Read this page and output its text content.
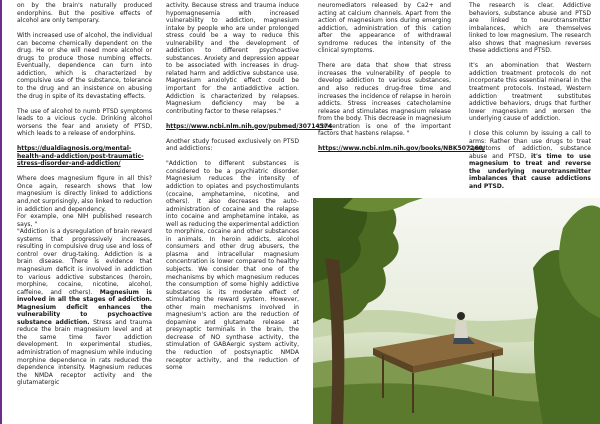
on by the brain's naturally produced endorphins. But the positive effects of alcohol are only temporary.

With increased use of alcohol, the individual can become chemically dependent on the drug. He or she will need more alcohol or drugs to produce those numbing effects. Eventually, dependence can turn into addiction, which is characterized by compulsive use of the substance, tolerance to the drug and an insistence on abusing the drug in spite of its devastating effects.

The use of alcohol to numb PTSD symptoms leads to a vicious cycle. Drinking alcohol worsens the fear and anxiety of PTSD, which leads to a release of endorphins.

https://dualdiagnosis.org/mental-health-and-addiction/post-traumatic-stress-disorder-and-addiction/

Where does magnesium figure in all this? Once again, research shows that low magnesium is directly linked to addictions and,not surprisingly, also linked to reduction in addiction and dependency.

For example, one NIH published research says, "

"Addiction is a dysregulation of brain reward systems that progressively increases, resulting in compulsive drug use and loss of control over drug-taking. Addiction is a brain disease. There is evidence that magnesium deficit is involved in addiction to various addictive substances (heroin, morphine, cocaine, nicotine, alcohol, caffeine, and others). Magnesium is involved in all the stages of addiction. Magnesium deficit enhances the vulnerability to psychoactive substance addiction. Stress and trauma reduce the brain magnesium level and at the same time favor addiction development. In experimental studies, administration of magnesium while inducing morphine dependence in rats reduced the dependence intensity. Magnesium reduces the NMDA receptor activity and the glutamatergic

activity. Because stress and trauma induce hypomagnesemia with increased vulnerability to addiction, magnesium intake by people who are under prolonged stress could be a way to reduce this vulnerability and the development of addiction to different psychoactive substances. Anxiety and depression appear to be associated with increases in drug-related harm and addictive substance use. Magnesium anxiolytic effect could be important for the antiaddictive action. Addiction is characterized by relapses. Magnesium deficiency may be a contributing factor to these relapses."

https://www.ncbi.nlm.nih.gov/pubmed/30714574

Another study focused exclusively on PTSD and addictions:

"Addiction to different substances is considered to be a psychiatric disorder. Magnesium reduces the intensity of addiction to opiates and psychostimulants (cocaine, amphetamine, nicotine, and others). It also decreases the auto-administration of cocaine and the relapse into cocaine and amphetamine intake, as well as reducing the experimental addiction to morphine, cocaine and other substances in animals. In heroin addicts, alcohol consumers and other drug abusers, the plasma and intracellular magnesium concentration is lower compared to healthy subjects. We consider that one of the mechanisms by which magnesium reduces the consumption of some highly addictive substances is its moderate effect of stimulating the reward system. However, other main mechanisms involved in magnesium's action are the reduction of dopamine and glutamate release at presynaptic terminals in the brain, the decrease of NO synthase activity, the stimulation of GABAergic system activity, the reduction of postsynaptic NMDA receptor activity, and the reduction of some

neuromediators released by Ca2+ and acting at calcium channels. Apart from the action of magnesium ions during emerging addiction, administration of this cation after the appearance of withdrawal syndrome reduces the intensity of the clinical symptoms.

There are data that show that stress increases the vulnerability of people to develop addiction to various substances, and also reduces drug-free time and increases the incidence of relapse in heroin addicts. Stress increases catecholamine release and stimulates magnesium release from the body. This decrease in magnesium concentration is one of the important factors that hastens relapse. "

https://www.ncbi.nlm.nih.gov/books/NBK507260/

The research is clear. Addictive behaviors, substance abuse and PTSD are linked to neurotransmitter imbalances, which are themselves linked to low magnesium. The research also shows that magnesium reverses these addictions and PTSD.

It's an abomination that Western addiction treatment protocols do not incorporate this essential mineral in the treatment protocols. Instead, Western addiction treatment substitutes addictive behaviors, drugs that further lower magnesium and worsen the underlying cause of addiction.

I close this column by issuing a call to arms: Rather than use drugs to treat symptoms of addiction, substance abuse and PTSD, it's time to use magnesium to treat and reverse the underlying neurotransmitter imbalances that cause addictions and PTSD.
